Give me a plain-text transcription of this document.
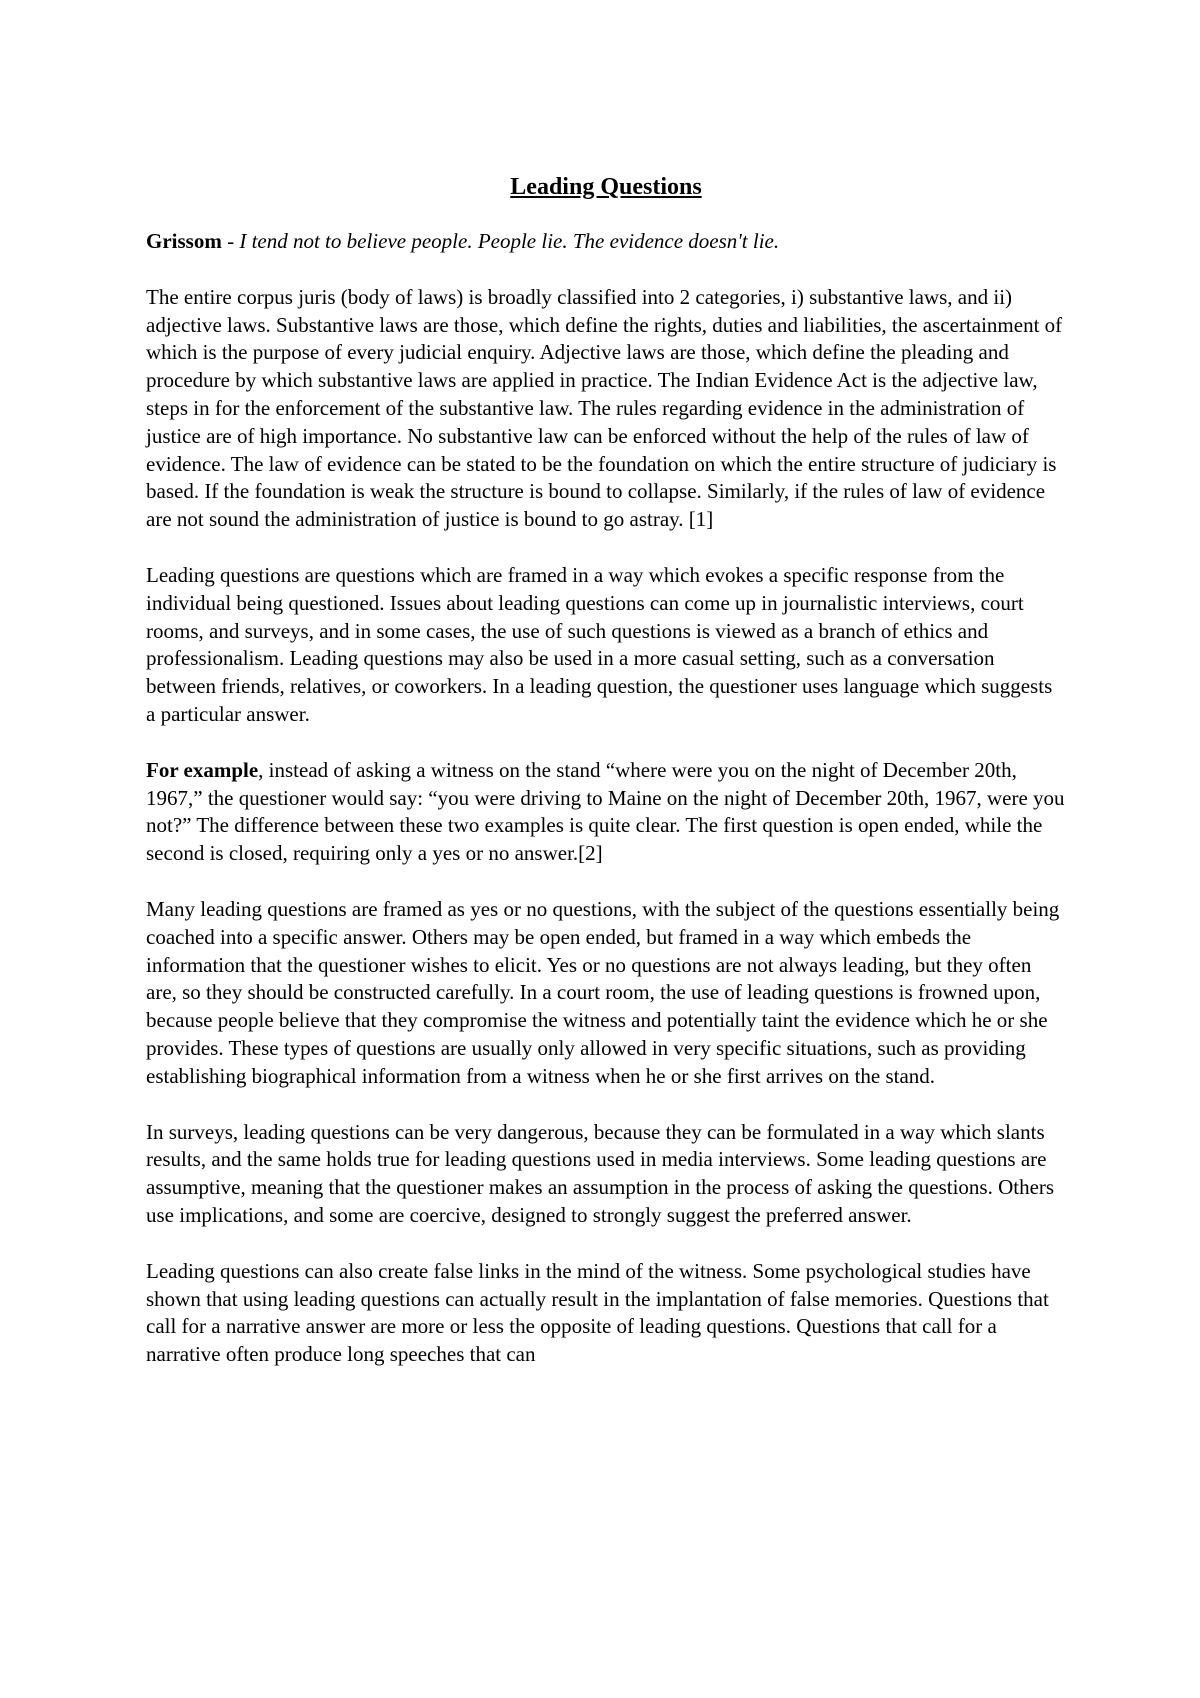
Leading Questions

Grissom - I tend not to believe people. People lie. The evidence doesn't lie.

The entire corpus juris (body of laws) is broadly classified into 2 categories, i) substantive laws, and ii) adjective laws. Substantive laws are those, which define the rights, duties and liabilities, the ascertainment of which is the purpose of every judicial enquiry. Adjective laws are those, which define the pleading and procedure by which substantive laws are applied in practice. The Indian Evidence Act is the adjective law, steps in for the enforcement of the substantive law. The rules regarding evidence in the administration of justice are of high importance. No substantive law can be enforced without the help of the rules of law of evidence. The law of evidence can be stated to be the foundation on which the entire structure of judiciary is based. If the foundation is weak the structure is bound to collapse. Similarly, if the rules of law of evidence are not sound the administration of justice is bound to go astray. [1]

Leading questions are questions which are framed in a way which evokes a specific response from the individual being questioned. Issues about leading questions can come up in journalistic interviews, court rooms, and surveys, and in some cases, the use of such questions is viewed as a branch of ethics and professionalism. Leading questions may also be used in a more casual setting, such as a conversation between friends, relatives, or coworkers. In a leading question, the questioner uses language which suggests a particular answer.

For example, instead of asking a witness on the stand “where were you on the night of December 20th, 1967,” the questioner would say: “you were driving to Maine on the night of December 20th, 1967, were you not?” The difference between these two examples is quite clear. The first question is open ended, while the second is closed, requiring only a yes or no answer.[2]

Many leading questions are framed as yes or no questions, with the subject of the questions essentially being coached into a specific answer. Others may be open ended, but framed in a way which embeds the information that the questioner wishes to elicit. Yes or no questions are not always leading, but they often are, so they should be constructed carefully. In a court room, the use of leading questions is frowned upon, because people believe that they compromise the witness and potentially taint the evidence which he or she provides. These types of questions are usually only allowed in very specific situations, such as providing establishing biographical information from a witness when he or she first arrives on the stand.

In surveys, leading questions can be very dangerous, because they can be formulated in a way which slants results, and the same holds true for leading questions used in media interviews. Some leading questions are assumptive, meaning that the questioner makes an assumption in the process of asking the questions. Others use implications, and some are coercive, designed to strongly suggest the preferred answer.

Leading questions can also create false links in the mind of the witness. Some psychological studies have shown that using leading questions can actually result in the implantation of false memories. Questions that call for a narrative answer are more or less the opposite of leading questions. Questions that call for a narrative often produce long speeches that can
